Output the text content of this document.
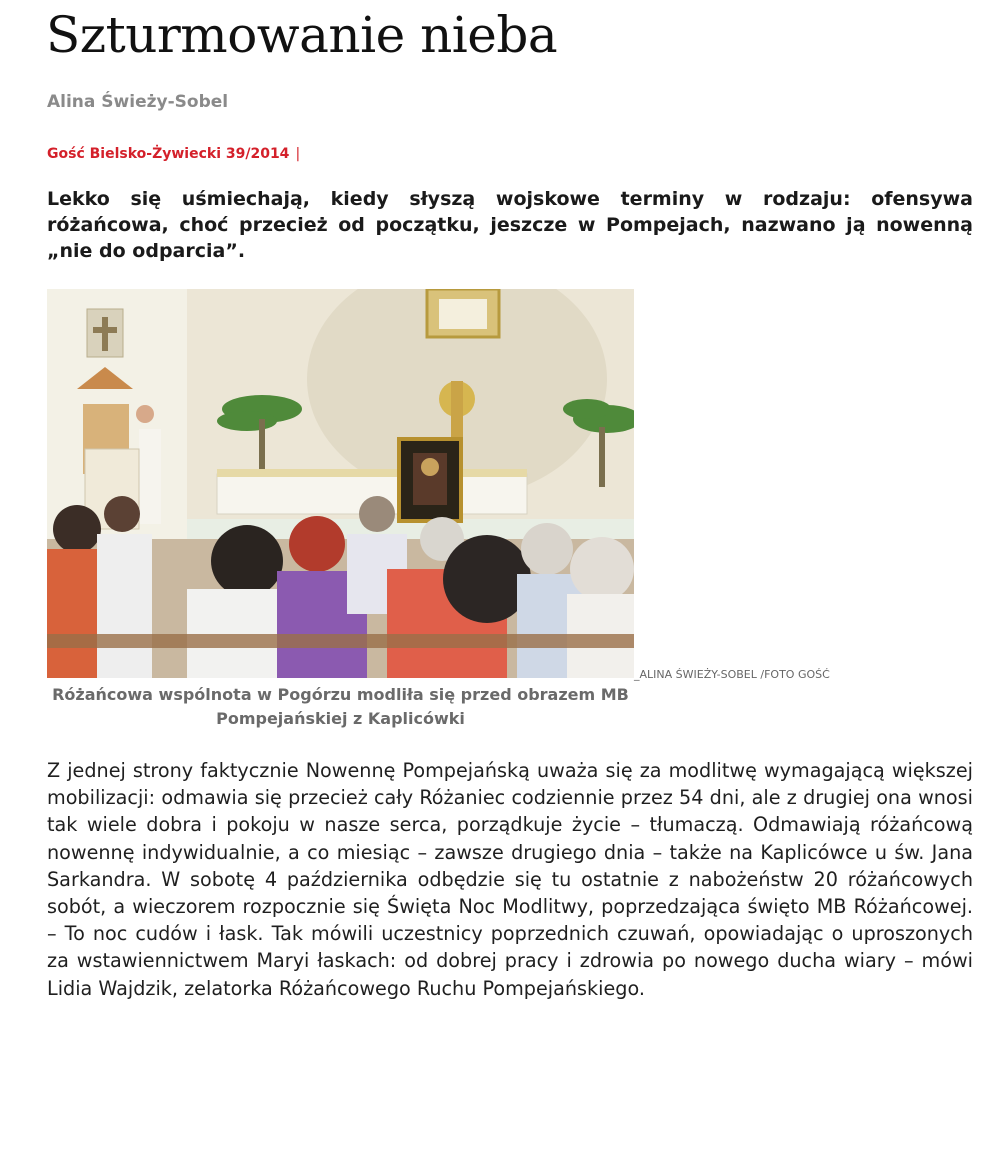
Szturmowanie nieba
Alina Świeży-Sobel
Gość Bielsko-Żywiecki 39/2014 |

Lekko się uśmiechają, kiedy słyszą wojskowe terminy w rodzaju: ofensywa różańcowa, choć przecież od początku, jeszcze w Pompejach, nazwano ją nowenną „nie do odparcia”.

_ALINA ŚWIEŻY-SOBEL /FOTO GOŚĆ
Różańcowa wspólnota w Pogórzu modliła się przed obrazem MB Pompejańskiej z Kaplicówki

Z jednej strony faktycznie Nowennę Pompejańską uważa się za modlitwę wymagającą większej mobilizacji: odmawia się przecież cały Różaniec codziennie przez 54 dni, ale z drugiej ona wnosi tak wiele dobra i pokoju w nasze serca, porządkuje życie – tłumaczą. Odmawiają różańcową nowennę indywidualnie, a co miesiąc – zawsze drugiego dnia – także na Kaplicówce u św. Jana Sarkandra. W sobotę 4 października odbędzie się tu ostatnie z nabożeństw 20 różańcowych sobót, a wieczorem rozpocznie się Święta Noc Modlitwy, poprzedzająca święto MB Różańcowej. – To noc cudów i łask. Tak mówili uczestnicy poprzednich czuwań, opowiadając o uproszonych za wstawiennictwem Maryi łaskach: od dobrej pracy i zdrowia po nowego ducha wiary – mówi Lidia Wajdzik, zelatorka Różańcowego Ruchu Pompejańskiego.
